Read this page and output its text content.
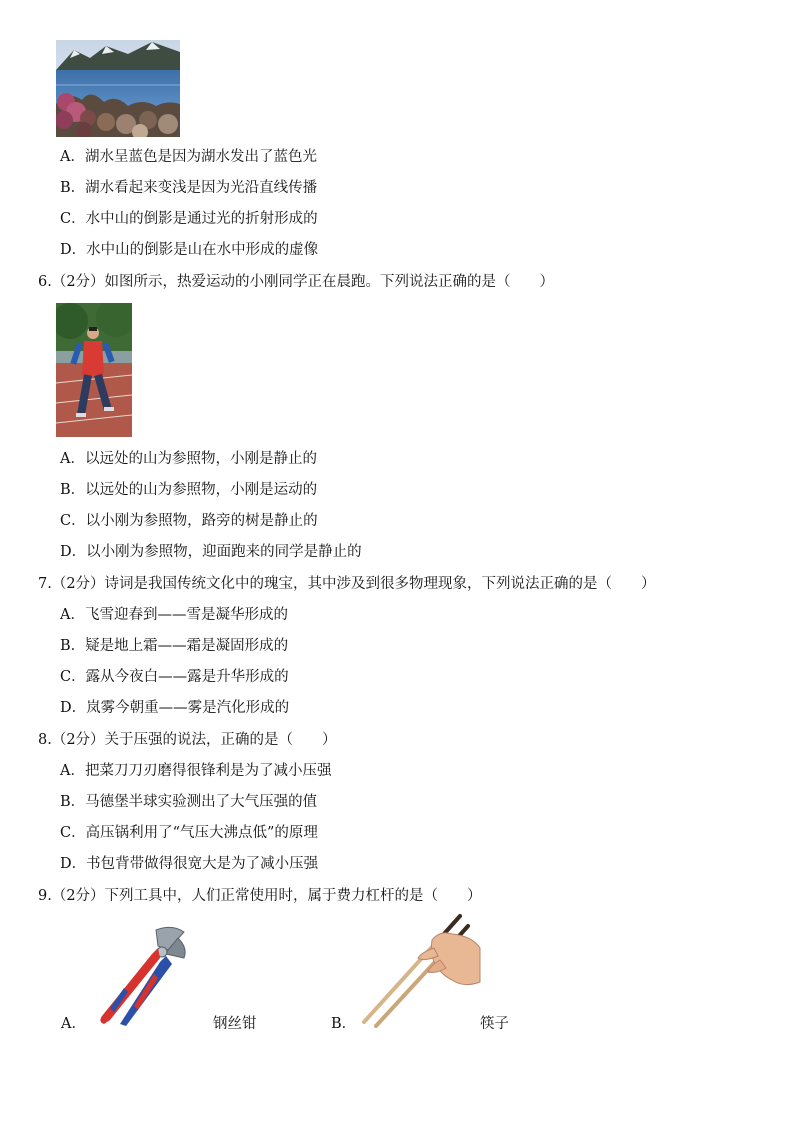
A．湖水呈蓝色是因为湖水发出了蓝色光
B．湖水看起来变浅是因为光沿直线传播
C．水中山的倒影是通过光的折射形成的
D．水中山的倒影是山在水中形成的虚像
6.（2分）如图所示，热爱运动的小刚同学正在晨跑。下列说法正确的是（　　）
A．以远处的山为参照物，小刚是静止的
B．以远处的山为参照物，小刚是运动的
C．以小刚为参照物，路旁的树是静止的
D．以小刚为参照物，迎面跑来的同学是静止的
7.（2分）诗词是我国传统文化中的瑰宝，其中涉及到很多物理现象，下列说法正确的是（　　）
A．飞雪迎春到——雪是凝华形成的
B．疑是地上霜——霜是凝固形成的
C．露从今夜白——露是升华形成的
D．岚雾今朝重——雾是汽化形成的
8.（2分）关于压强的说法，正确的是（　　）
A．把菜刀刀刃磨得很锋利是为了减小压强
B．马德堡半球实验测出了大气压强的值
C．高压锅利用了“气压大沸点低”的原理
D．书包背带做得很宽大是为了减小压强
9.（2分）下列工具中，人们正常使用时，属于费力杠杆的是（　　）
A．	钢丝钳	B．	筷子
